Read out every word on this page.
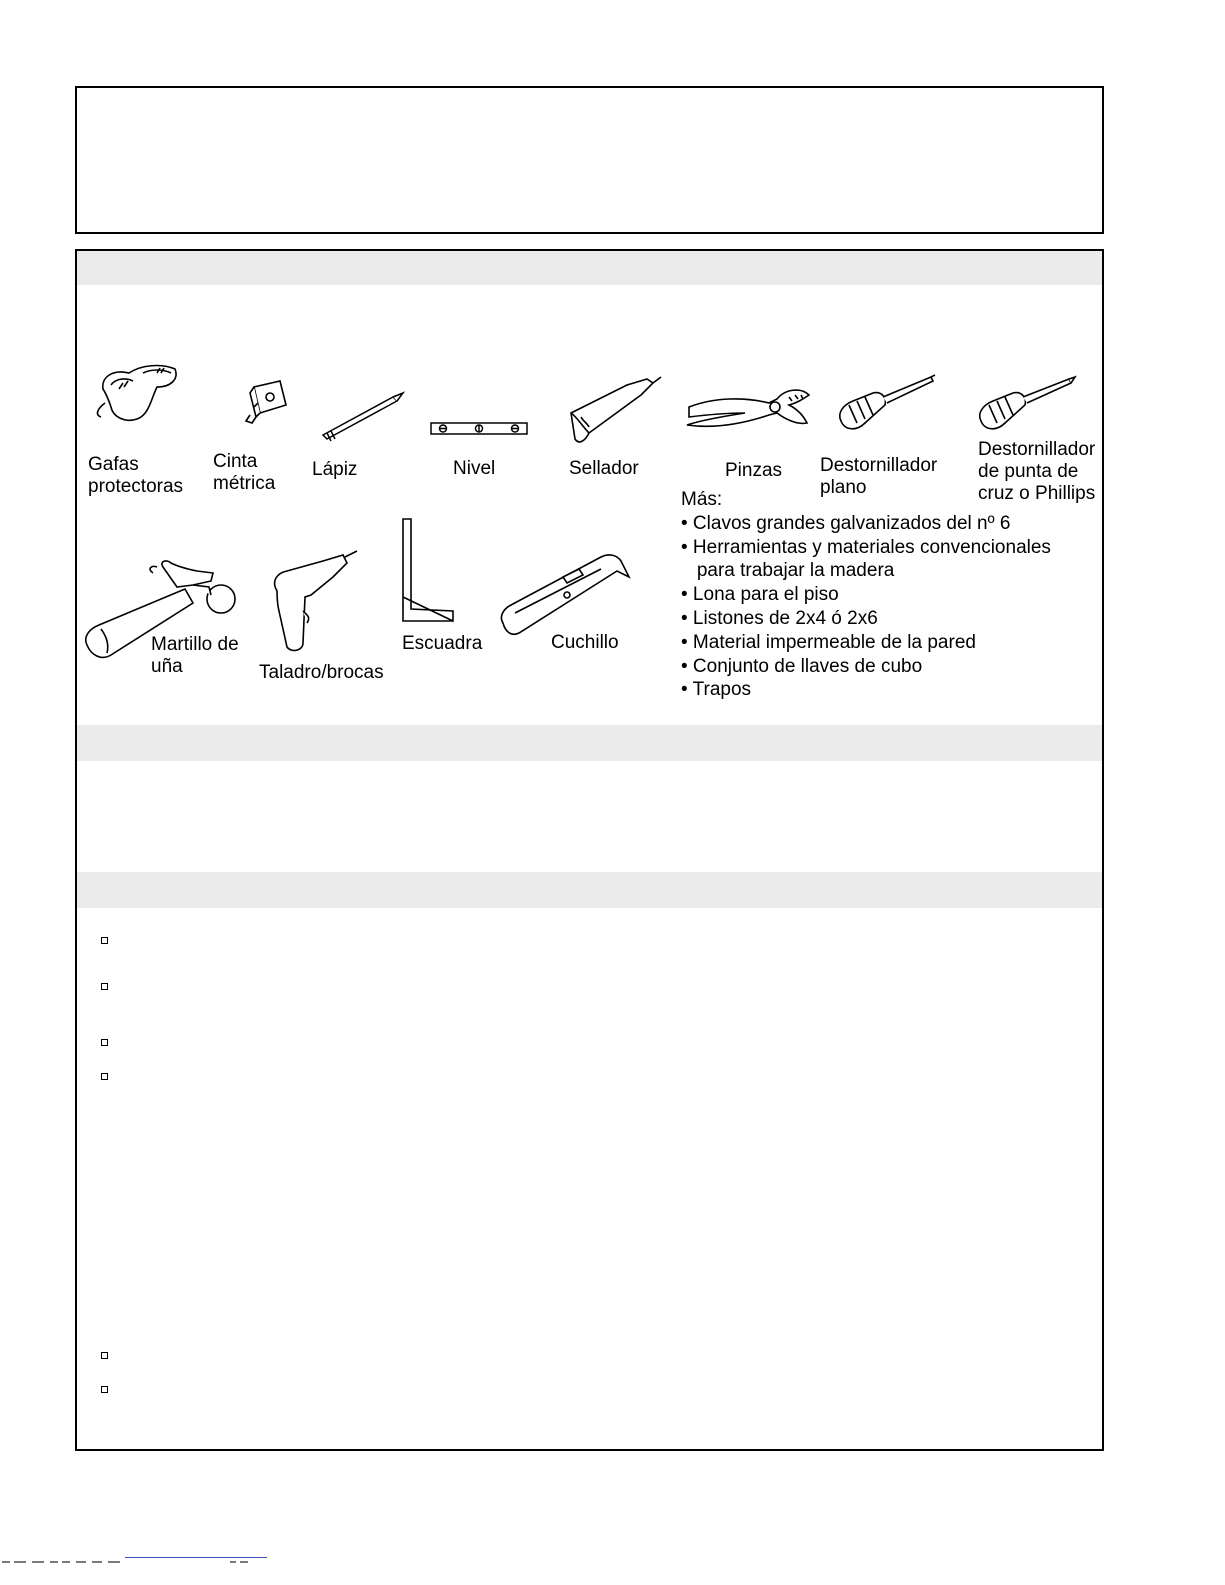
Gafas
protectoras
Cinta
métrica
Lápiz	Nivel	Sellador	Pinzas Destornillador
plano
Destornillador
de punta de
cruz o Phillips
Martillo de
uña	Taladro/brocas
Escuadra	Cuchillo
Más:
• Clavos grandes galvanizados del nº 6
• Herramientas y materiales convencionales
para trabajar la madera
• Lona para el piso
• Listones de 2x4 ó 2x6
• Material impermeable de la pared
• Conjunto de llaves de cubo
• Trapos
